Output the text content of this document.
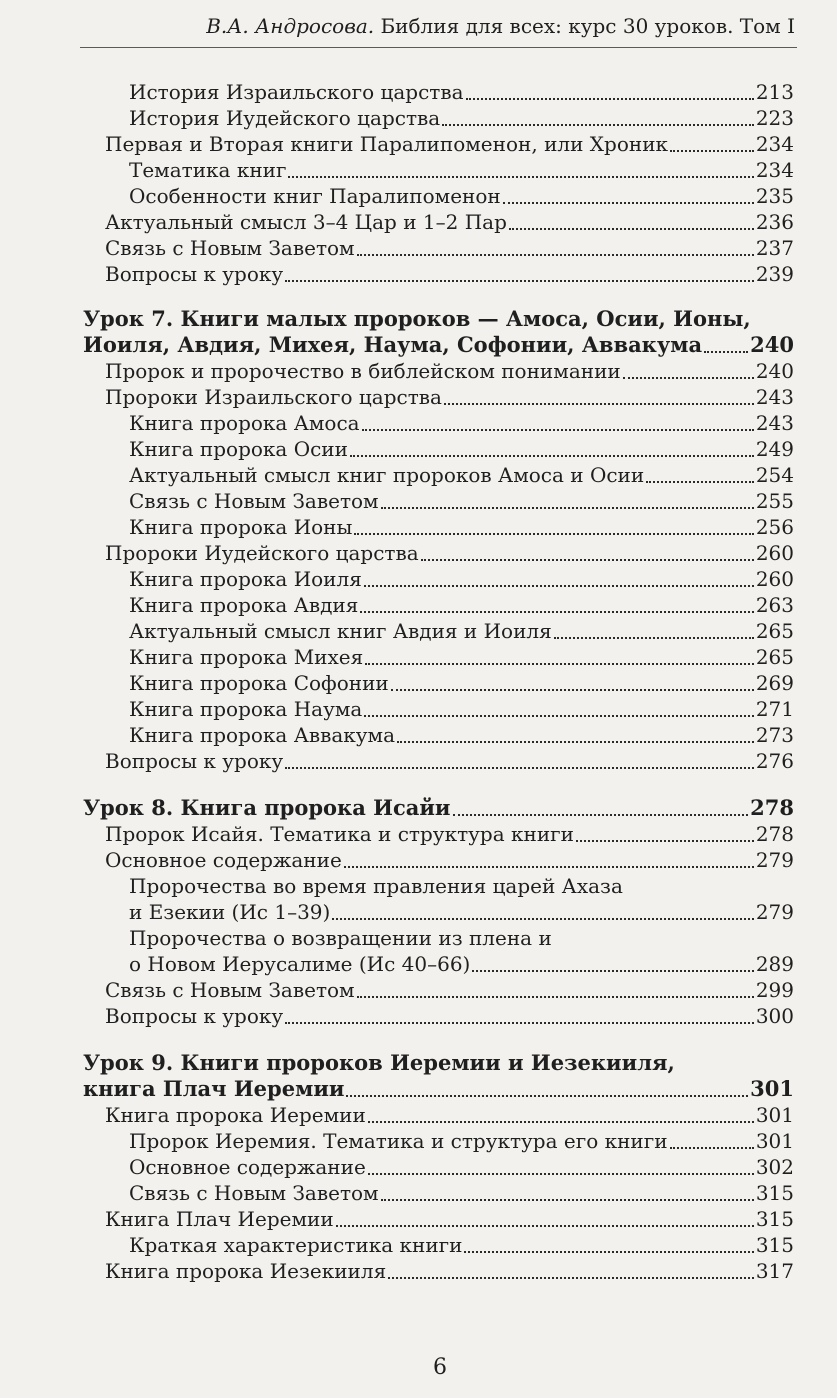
В.А. Андросова. Библия для всех: курс 30 уроков. Том I
История Израильского царства	213
История Иудейского царства	223
Первая и Вторая книги Паралипоменон, или Хроник	234
Тематика книг	234
Особенности книг Паралипоменон	235
Актуальный смысл 3–4 Цар и 1–2 Пар	236
Связь с Новым Заветом	237
Вопросы к уроку	239
Урок 7. Книги малых пророков — Амоса, Осии, Ионы,
Иоиля, Авдия, Михея, Наума, Софонии, Аввакума 240
Пророк и пророчество в библейском понимании	240
Пророки Израильского царства	243
Книга пророка Амоса	243
Книга пророка Осии	249
Актуальный смысл книг пророков Амоса и Осии	254
Связь с Новым Заветом	255
Книга пророка Ионы	256
Пророки Иудейского царства	260
Книга пророка Иоиля	260
Книга пророка Авдия	263
Актуальный смысл книг Авдия и Иоиля	265
Книга пророка Михея	265
Книга пророка Софонии	269
Книга пророка Наума	271
Книга пророка Аввакума	273
Вопросы к уроку	276
Урок 8. Книга пророка Исайи	278
Пророк Исайя. Тематика и структура книги	278
Основное содержание	279
Пророчества во время правления царей Ахаза
и Езекии (Ис 1–39)	279
Пророчества о возвращении из плена и
о Новом Иерусалиме (Ис 40–66)	289
Связь с Новым Заветом	299
Вопросы к уроку	300
Урок 9. Книги пророков Иеремии и Иезекииля,
книга Плач Иеремии	301
Книга пророка Иеремии	301
Пророк Иеремия. Тематика и структура его книги	301
Основное содержание	302
Связь с Новым Заветом	315
Книга Плач Иеремии	315
Краткая характеристика книги	315
Книга пророка Иезекииля	317
6
